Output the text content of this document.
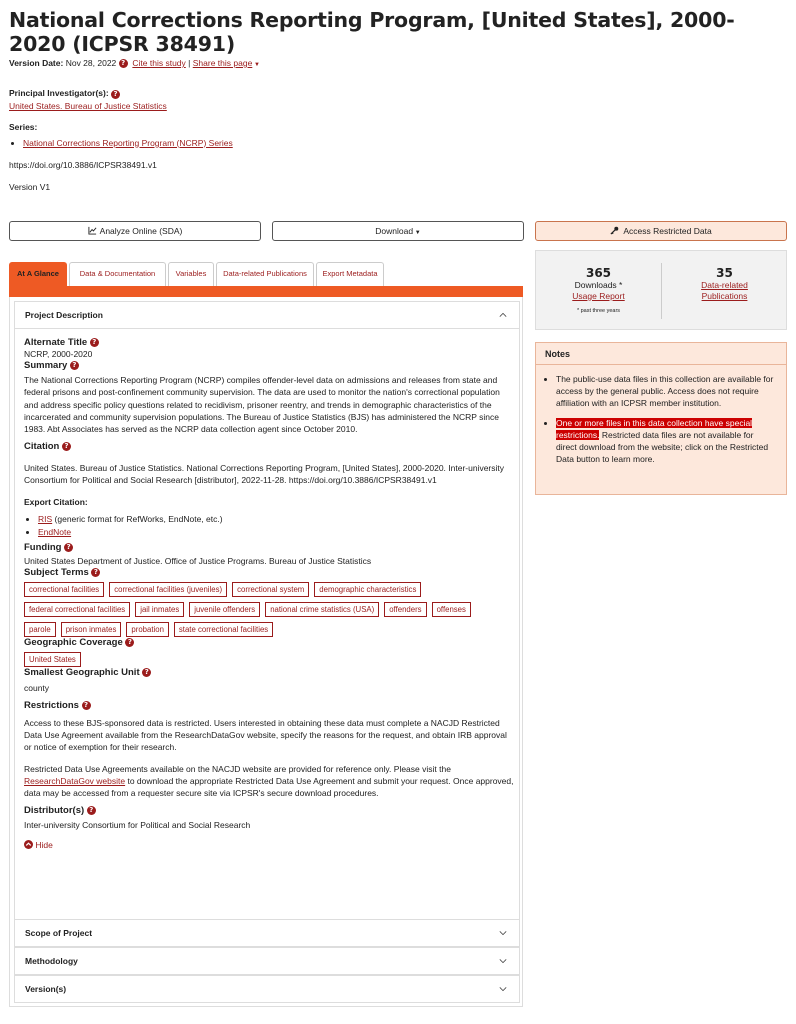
National Corrections Reporting Program, [United States], 2000-2020 (ICPSR 38491)
Version Date: Nov 28, 2022 ? Cite this study | Share this page ▼
Principal Investigator(s): ?
United States. Bureau of Justice Statistics
Series:
• National Corrections Reporting Program (NCRP) Series
https://doi.org/10.3886/ICPSR38491.v1
Version V1
Analyze Online (SDA)	Download ▼	Access Restricted Data
At A Glance	Data & Documentation	Variables	Data-related Publications	Export Metadata
Project Description
Alternate Title ?
NCRP, 2000-2020
Summary ?
The National Corrections Reporting Program (NCRP) compiles offender-level data on admissions and releases from state and federal prisons and post-confinement community supervision. The data are used to monitor the nation's correctional population and address specific policy questions related to recidivism, prisoner reentry, and trends in demographic characteristics of the incarcerated and community supervision populations. The Bureau of Justice Statistics (BJS) has administered the NCRP since 1983. Abt Associates has served as the NCRP data collection agent since October 2010.
Citation ?
United States. Bureau of Justice Statistics. National Corrections Reporting Program, [United States], 2000-2020. Inter-university Consortium for Political and Social Research [distributor], 2022-11-28. https://doi.org/10.3886/ICPSR38491.v1
Export Citation:
• RIS (generic format for RefWorks, EndNote, etc.)
• EndNote
Funding ?
United States Department of Justice. Office of Justice Programs. Bureau of Justice Statistics
Subject Terms ?
correctional facilities	correctional facilities (juveniles)	correctional system	demographic characteristics
federal correctional facilities	jail inmates	juvenile offenders	national crime statistics (USA)	offenders	offenses
parole	prison inmates	probation	state correctional facilities
Geographic Coverage ?
United States
Smallest Geographic Unit ?
county
Restrictions ?
Access to these BJS-sponsored data is restricted. Users interested in obtaining these data must complete a NACJD Restricted Data Use Agreement available from the ResearchDataGov website, specify the reasons for the request, and obtain IRB approval or notice of exemption for their research.
Restricted Data Use Agreements available on the NACJD website are provided for reference only. Please visit the ResearchDataGov website to download the appropriate Restricted Data Use Agreement and submit your request. Once approved, data may be accessed from a requester secure site via ICPSR's secure download procedures.
Distributor(s) ?
Inter-university Consortium for Political and Social Research
Hide
Scope of Project
Methodology
Version(s)
365
Downloads *
Usage Report
* past three years
35
Data-related
Publications
Notes
• The public-use data files in this collection are available for access by the general public. Access does not require affiliation with an ICPSR member institution.
• One or more files in this data collection have special restrictions. Restricted data files are not available for direct download from the website; click on the Restricted Data button to learn more.
